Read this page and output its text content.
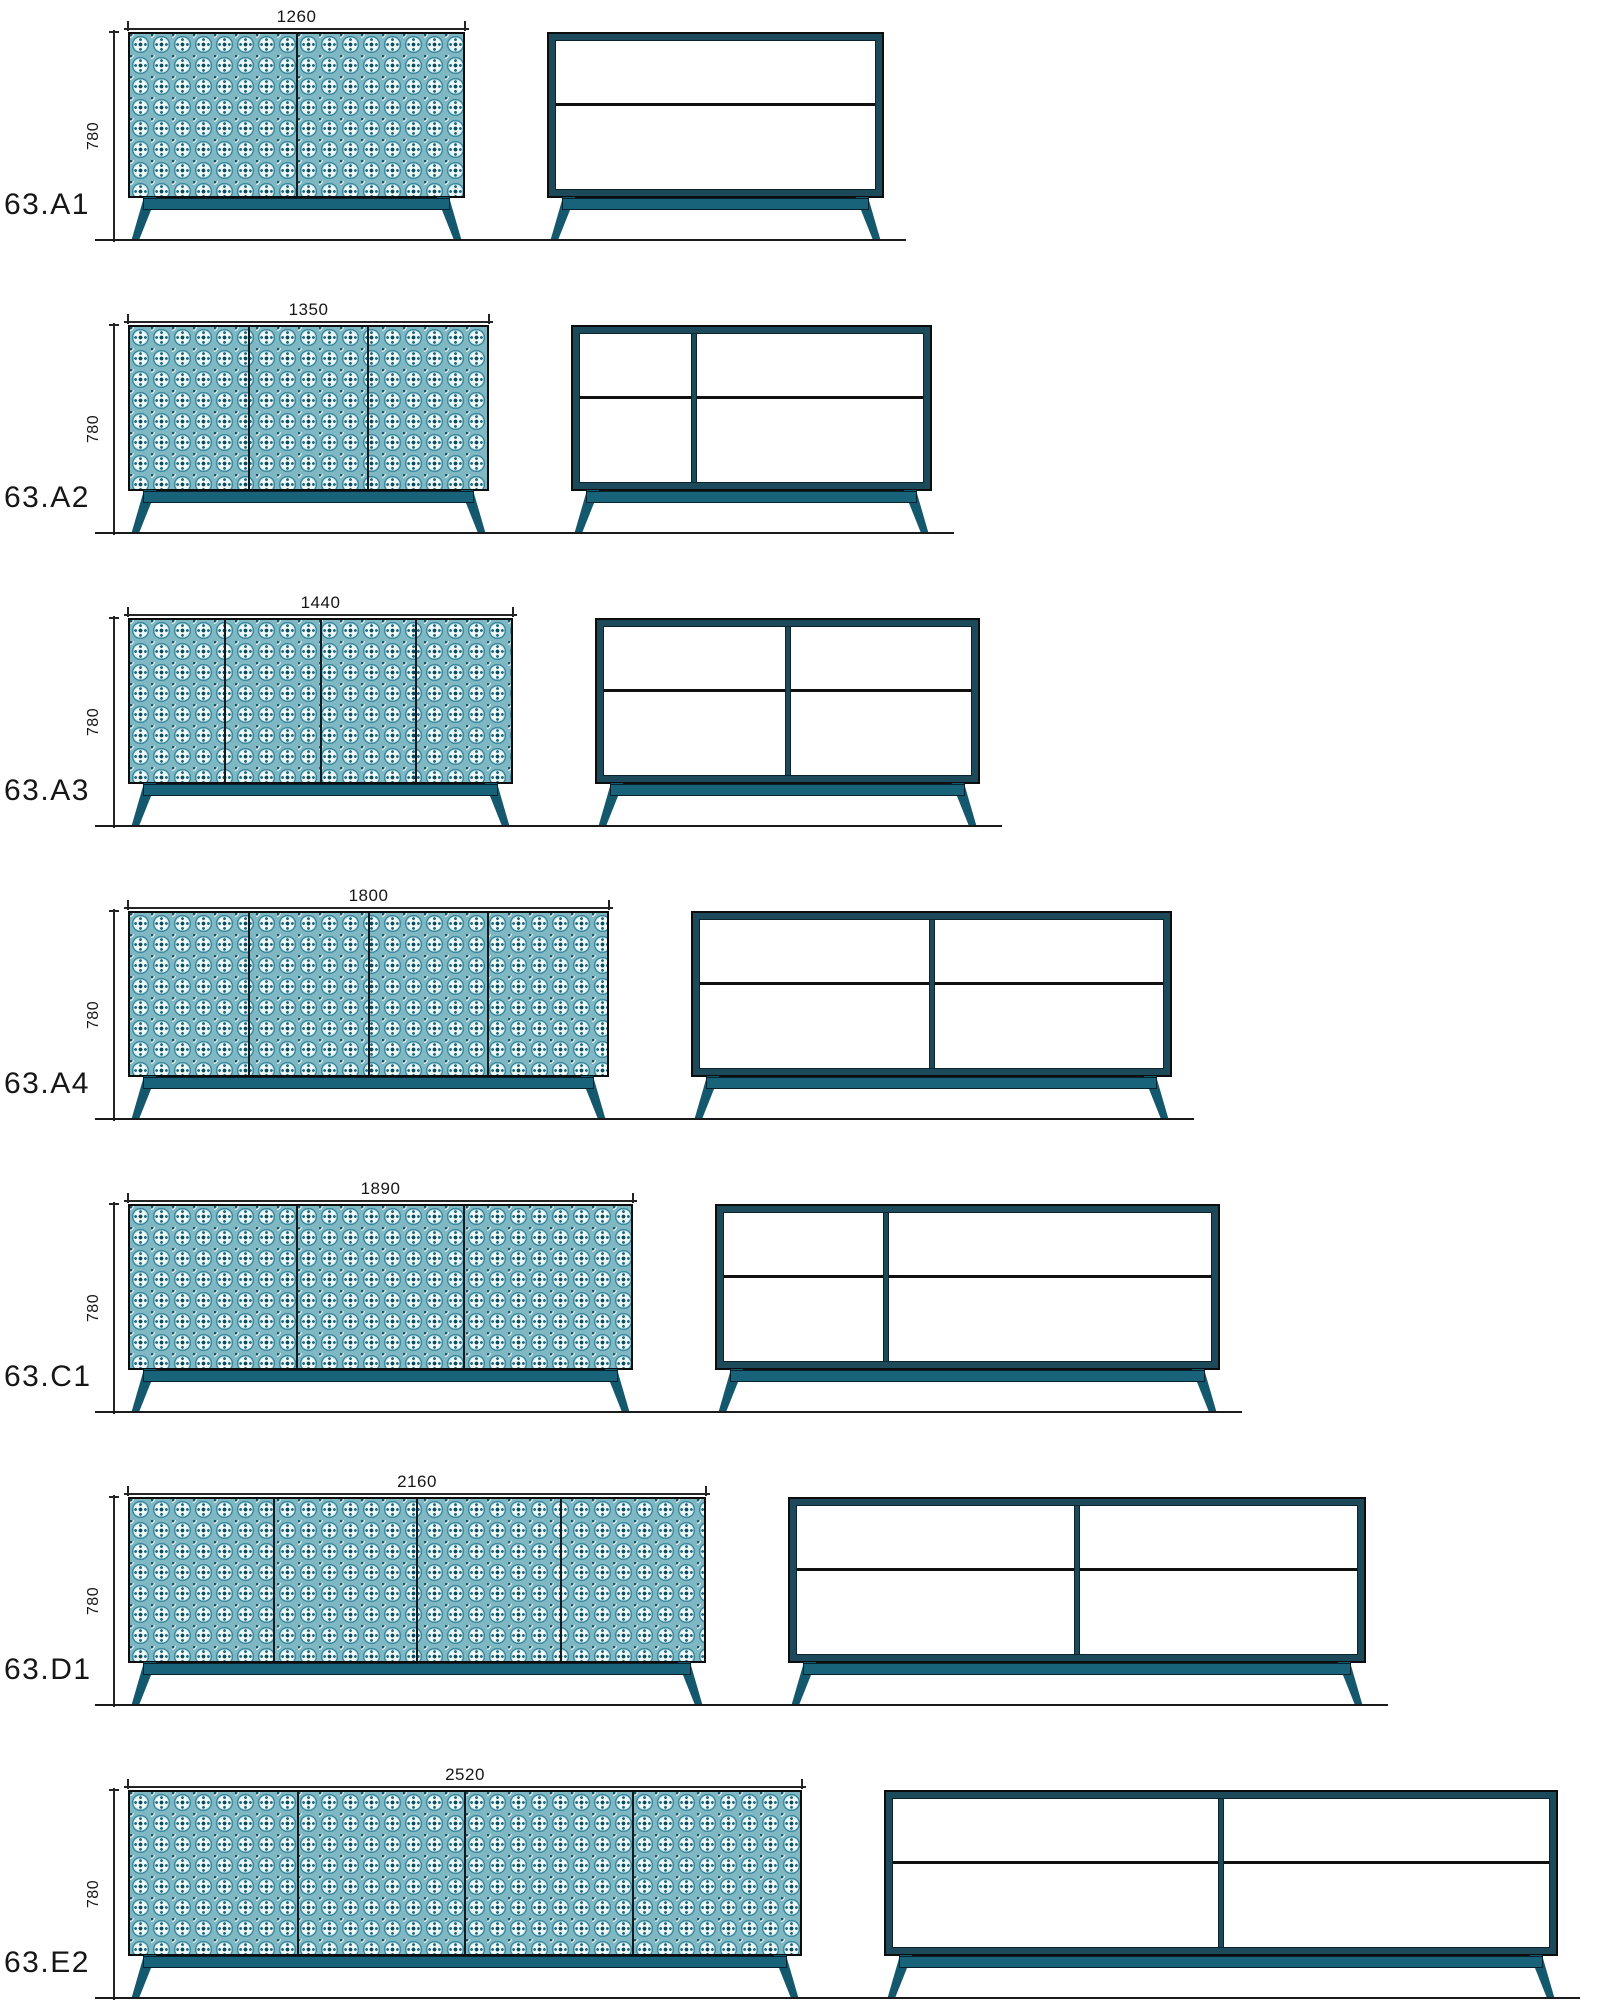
63.A1
1260
780
63.A2
1350
780
63.A3
1440
780
63.A4
1800
780
63.C1
1890
780
63.D1
2160
780
63.E2
2520
780
